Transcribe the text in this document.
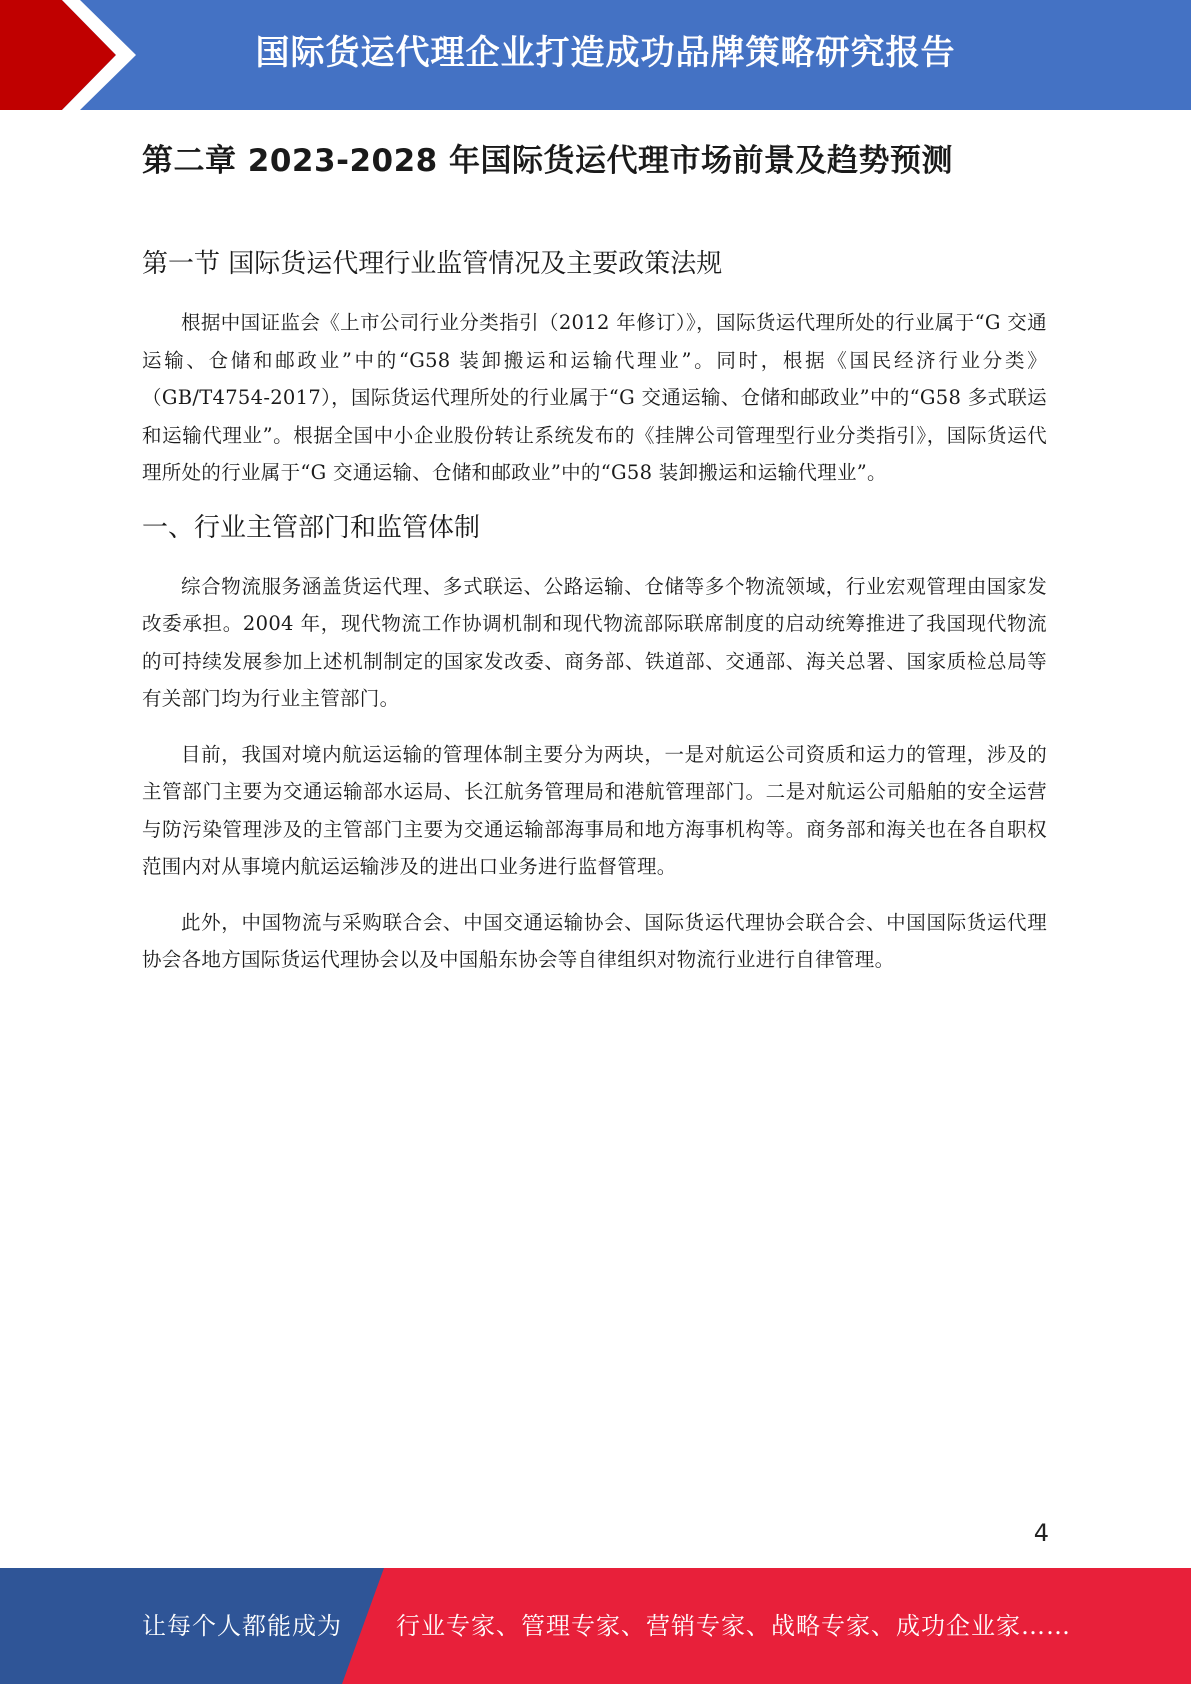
国际货运代理企业打造成功品牌策略研究报告
第二章 2023-2028 年国际货运代理市场前景及趋势预测
第一节 国际货运代理行业监管情况及主要政策法规

根据中国证监会《上市公司行业分类指引（2012 年修订）》，国际货运代理所处的行业属于“G 交通运输、仓储和邮政业”中的“G58 装卸搬运和运输代理业”。同时，根据《国民经济行业分类》（GB/T4754-2017），国际货运代理所处的行业属于“G 交通运输、仓储和邮政业”中的“G58 多式联运和运输代理业”。根据全国中小企业股份转让系统发布的《挂牌公司管理型行业分类指引》，国际货运代理所处的行业属于“G 交通运输、仓储和邮政业”中的“G58 装卸搬运和运输代理业”。

一、行业主管部门和监管体制

综合物流服务涵盖货运代理、多式联运、公路运输、仓储等多个物流领域，行业宏观管理由国家发改委承担。2004 年，现代物流工作协调机制和现代物流部际联席制度的启动统筹推进了我国现代物流的可持续发展参加上述机制制定的国家发改委、商务部、铁道部、交通部、海关总署、国家质检总局等有关部门均为行业主管部门。

目前，我国对境内航运运输的管理体制主要分为两块，一是对航运公司资质和运力的管理，涉及的主管部门主要为交通运输部水运局、长江航务管理局和港航管理部门。二是对航运公司船舶的安全运营与防污染管理涉及的主管部门主要为交通运输部海事局和地方海事机构等。商务部和海关也在各自职权范围内对从事境内航运运输涉及的进出口业务进行监督管理。

此外，中国物流与采购联合会、中国交通运输协会、国际货运代理协会联合会、中国国际货运代理协会各地方国际货运代理协会以及中国船东协会等自律组织对物流行业进行自律管理。

4
让每个人都能成为 行业专家、管理专家、营销专家、战略专家、成功企业家……
